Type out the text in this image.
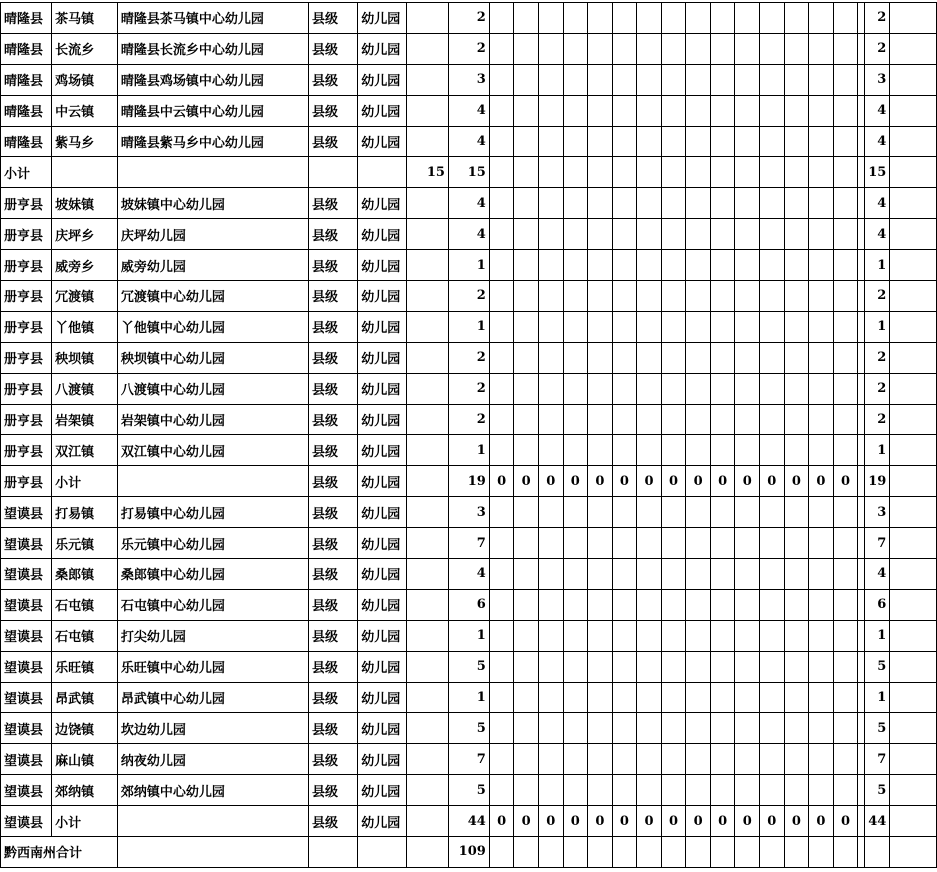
晴隆县	茶马镇	晴隆县茶马镇中心幼儿园	县级	幼儿园		2																	2	
晴隆县	长流乡	晴隆县长流乡中心幼儿园	县级	幼儿园		2																	2	
晴隆县	鸡场镇	晴隆县鸡场镇中心幼儿园	县级	幼儿园		3																	3	
晴隆县	中云镇	晴隆县中云镇中心幼儿园	县级	幼儿园		4																	4	
晴隆县	紫马乡	晴隆县紫马乡中心幼儿园	县级	幼儿园		4																	4	
小计					15	15																	15	
册亨县	坡妹镇	坡妹镇中心幼儿园	县级	幼儿园		4																	4	
册亨县	庆坪乡	庆坪幼儿园	县级	幼儿园		4																	4	
册亨县	威旁乡	威旁幼儿园	县级	幼儿园		1																	1	
册亨县	冗渡镇	冗渡镇中心幼儿园	县级	幼儿园		2																	2	
册亨县	丫他镇	丫他镇中心幼儿园	县级	幼儿园		1																	1	
册亨县	秧坝镇	秧坝镇中心幼儿园	县级	幼儿园		2																	2	
册亨县	八渡镇	八渡镇中心幼儿园	县级	幼儿园		2																	2	
册亨县	岩架镇	岩架镇中心幼儿园	县级	幼儿园		2																	2	
册亨县	双江镇	双江镇中心幼儿园	县级	幼儿园		1																	1	
册亨县	小计		县级	幼儿园		19	0	0	0	0	0	0	0	0	0	0	0	0	0	0	0		19	
望谟县	打易镇	打易镇中心幼儿园	县级	幼儿园		3																	3	
望谟县	乐元镇	乐元镇中心幼儿园	县级	幼儿园		7																	7	
望谟县	桑郎镇	桑郎镇中心幼儿园	县级	幼儿园		4																	4	
望谟县	石屯镇	石屯镇中心幼儿园	县级	幼儿园		6																	6	
望谟县	石屯镇	打尖幼儿园	县级	幼儿园		1																	1	
望谟县	乐旺镇	乐旺镇中心幼儿园	县级	幼儿园		5																	5	
望谟县	昂武镇	昂武镇中心幼儿园	县级	幼儿园		1																	1	
望谟县	边饶镇	坎边幼儿园	县级	幼儿园		5																	5	
望谟县	麻山镇	纳夜幼儿园	县级	幼儿园		7																	7	
望谟县	郊纳镇	郊纳镇中心幼儿园	县级	幼儿园		5																	5	
望谟县	小计		县级	幼儿园		44	0	0	0	0	0	0	0	0	0	0	0	0	0	0	0		44	
黔西南州合计						109																		
